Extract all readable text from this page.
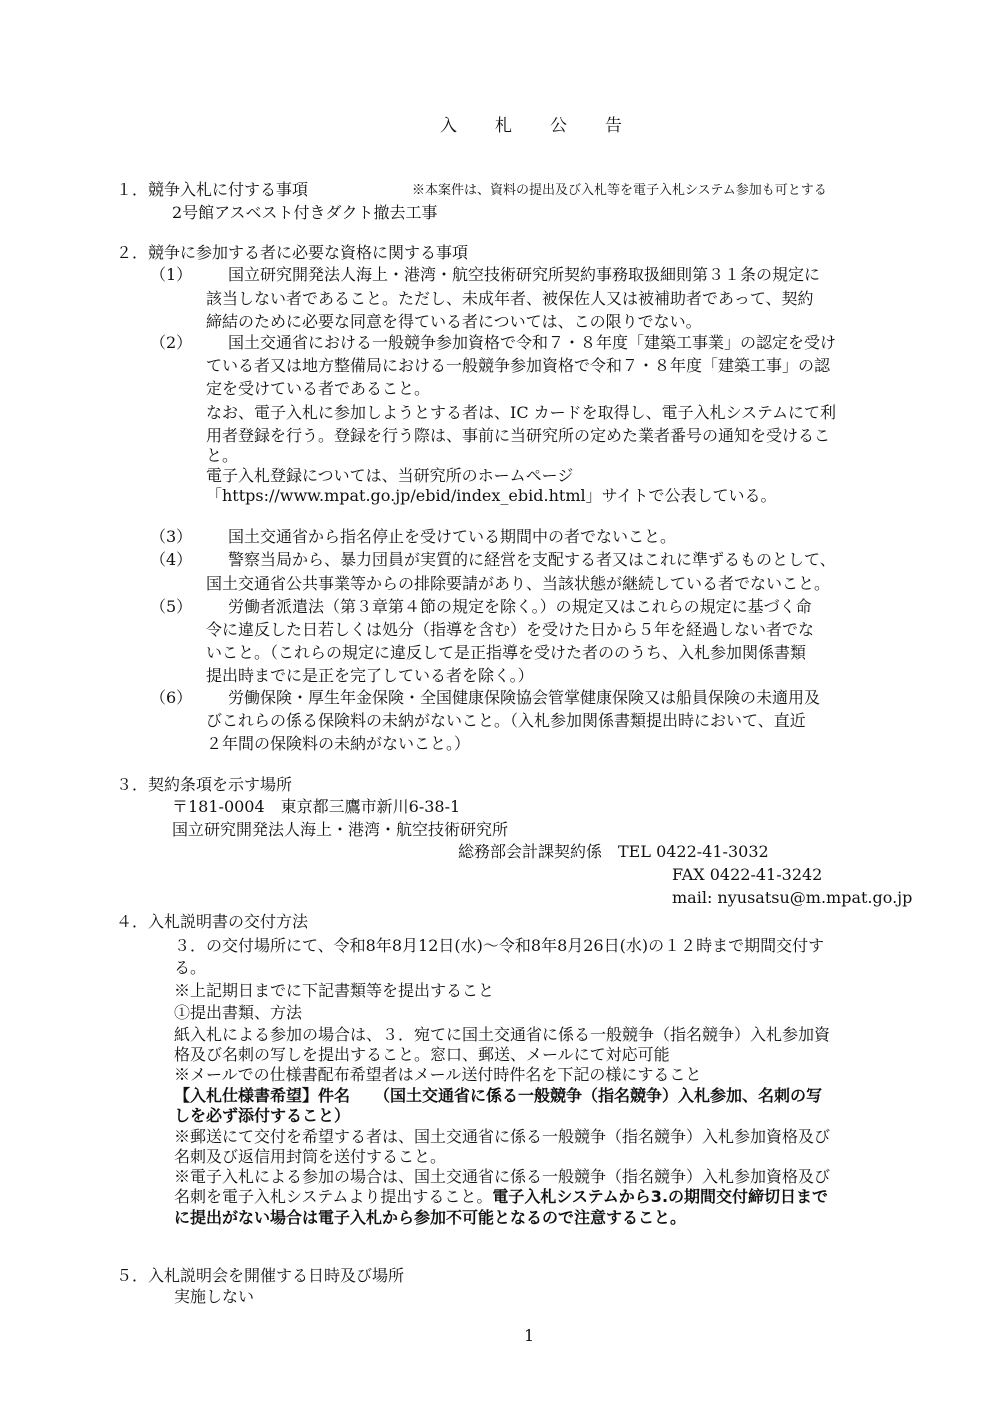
入札公告
１．競争入札に付する事項	※本案件は、資料の提出及び入札等を電子入札システム参加も可とする
2号館アスベスト付きダクト撤去工事
２．競争に参加する者に必要な資格に関する事項
（1） 国立研究開発法人海上・港湾・航空技術研究所契約事務取扱細則第３１条の規定に
該当しない者であること。ただし、未成年者、被保佐人又は被補助者であって、契約
締結のために必要な同意を得ている者については、この限りでない。
（2） 国土交通省における一般競争参加資格で令和７・８年度「建築工事業」の認定を受け
ている者又は地方整備局における一般競争参加資格で令和７・８年度「建築工事」の認
定を受けている者であること。
なお、電子入札に参加しようとする者は、IC カードを取得し、電子入札システムにて利
用者登録を行う。登録を行う際は、事前に当研究所の定めた業者番号の通知を受けるこ
と。
電子入札登録については、当研究所のホームページ
「https://www.mpat.go.jp/ebid/index_ebid.html」サイトで公表している。
（3） 国土交通省から指名停止を受けている期間中の者でないこと。
（4） 警察当局から、暴力団員が実質的に経営を支配する者又はこれに準ずるものとして、
国土交通省公共事業等からの排除要請があり、当該状態が継続している者でないこと。
（5） 労働者派遣法（第３章第４節の規定を除く。）の規定又はこれらの規定に基づく命
令に違反した日若しくは処分（指導を含む）を受けた日から５年を経過しない者でな
いこと。（これらの規定に違反して是正指導を受けた者ののうち、入札参加関係書類
提出時までに是正を完了している者を除く。）
（6） 労働保険・厚生年金保険・全国健康保険協会管掌健康保険又は船員保険の未適用及
びこれらの係る保険料の未納がないこと。（入札参加関係書類提出時において、直近
２年間の保険料の未納がないこと。）
３．契約条項を示す場所
〒181-0004　東京都三鷹市新川6-38-1
国立研究開発法人海上・港湾・航空技術研究所
総務部会計課契約係　TEL 0422-41-3032
FAX 0422-41-3242
mail: nyusatsu@m.mpat.go.jp
４．入札説明書の交付方法
３．の交付場所にて、令和8年8月12日(水)～令和8年8月26日(水)の１２時まで期間交付す
る。
※上記期日までに下記書類等を提出すること
①提出書類、方法
紙入札による参加の場合は、３．宛てに国土交通省に係る一般競争（指名競争）入札参加資
格及び名刺の写しを提出すること。窓口、郵送、メールにて対応可能
※メールでの仕様書配布希望者はメール送付時件名を下記の様にすること
【入札仕様書希望】件名　　（国土交通省に係る一般競争（指名競争）入札参加、名刺の写
しを必ず添付すること）
※郵送にて交付を希望する者は、国土交通省に係る一般競争（指名競争）入札参加資格及び
名刺及び返信用封筒を送付すること。
※電子入札による参加の場合は、国土交通省に係る一般競争（指名競争）入札参加資格及び
名刺を電子入札システムより提出すること。電子入札システムから3.の期間交付締切日まで
に提出がない場合は電子入札から参加不可能となるので注意すること。
５．入札説明会を開催する日時及び場所
実施しない
1
